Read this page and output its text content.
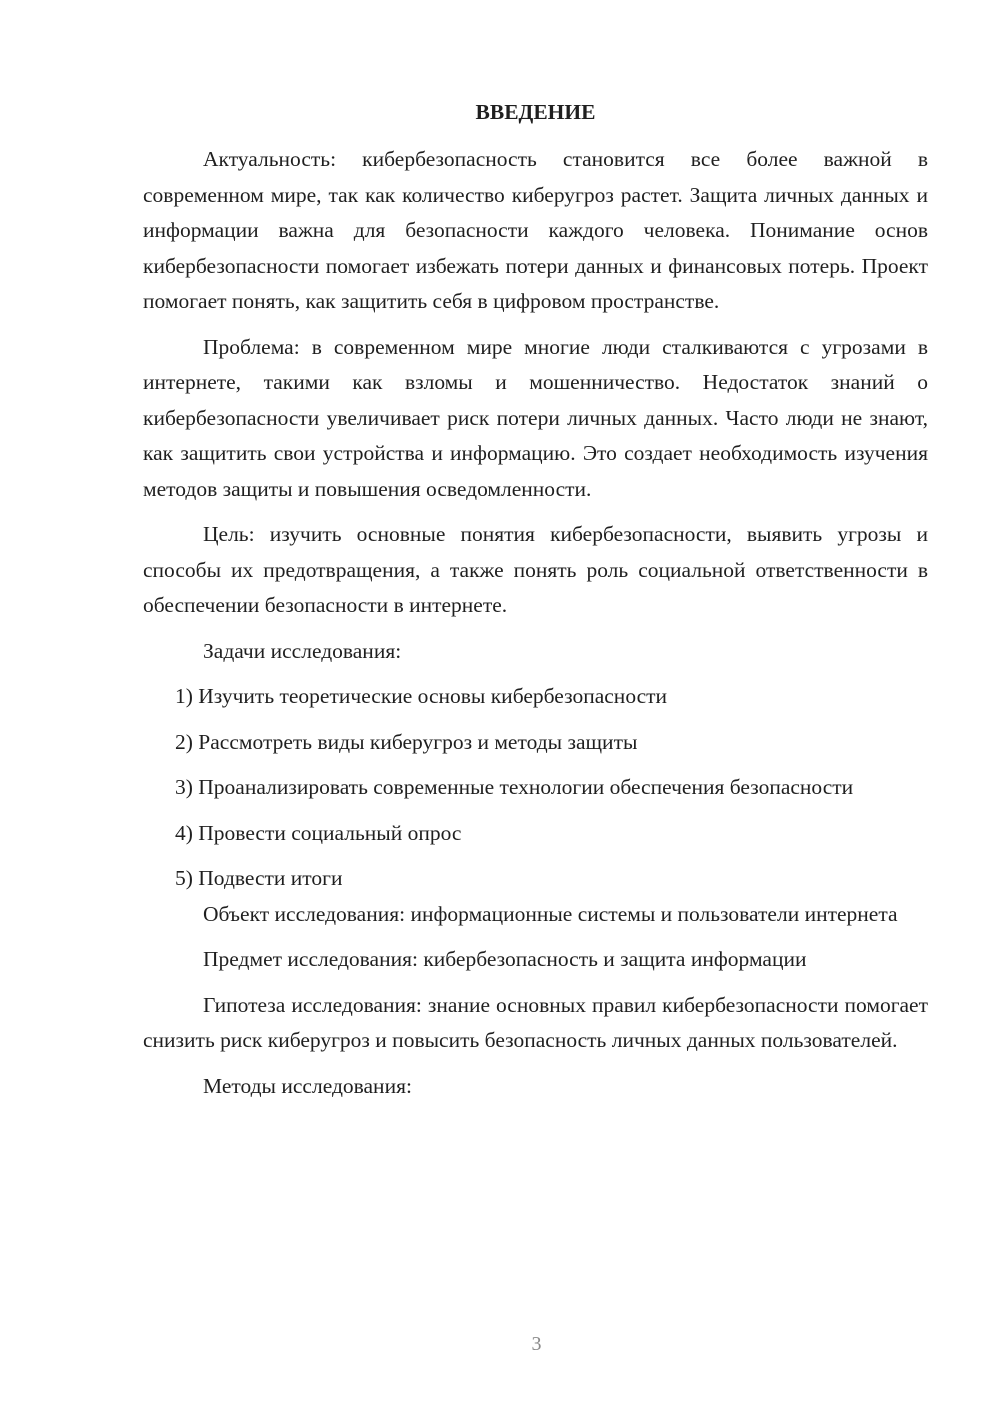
ВВЕДЕНИЕ

Актуальность: кибербезопасность становится все более важной в современном мире, так как количество киберугроз растет. Защита личных данных и информации важна для безопасности каждого человека. Понимание основ кибербезопасности помогает избежать потери данных и финансовых потерь. Проект помогает понять, как защитить себя в цифровом пространстве.

Проблема: в современном мире многие люди сталкиваются с угрозами в интернете, такими как взломы и мошенничество. Недостаток знаний о кибербезопасности увеличивает риск потери личных данных. Часто люди не знают, как защитить свои устройства и информацию. Это создает необходимость изучения методов защиты и повышения осведомленности.

Цель: изучить основные понятия кибербезопасности, выявить угрозы и способы их предотвращения, а также понять роль социальной ответственности в обеспечении безопасности в интернете.

Задачи исследования:

1) Изучить теоретические основы кибербезопасности

2) Рассмотреть виды киберугроз и методы защиты

3) Проанализировать современные технологии обеспечения безопасности

4) Провести социальный опрос

5) Подвести итоги

Объект исследования: информационные системы и пользователи интернета

Предмет исследования: кибербезопасность и защита информации

Гипотеза исследования: знание основных правил кибербезопасности помогает снизить риск киберугроз и повысить безопасность личных данных пользователей.

Методы исследования:

3
